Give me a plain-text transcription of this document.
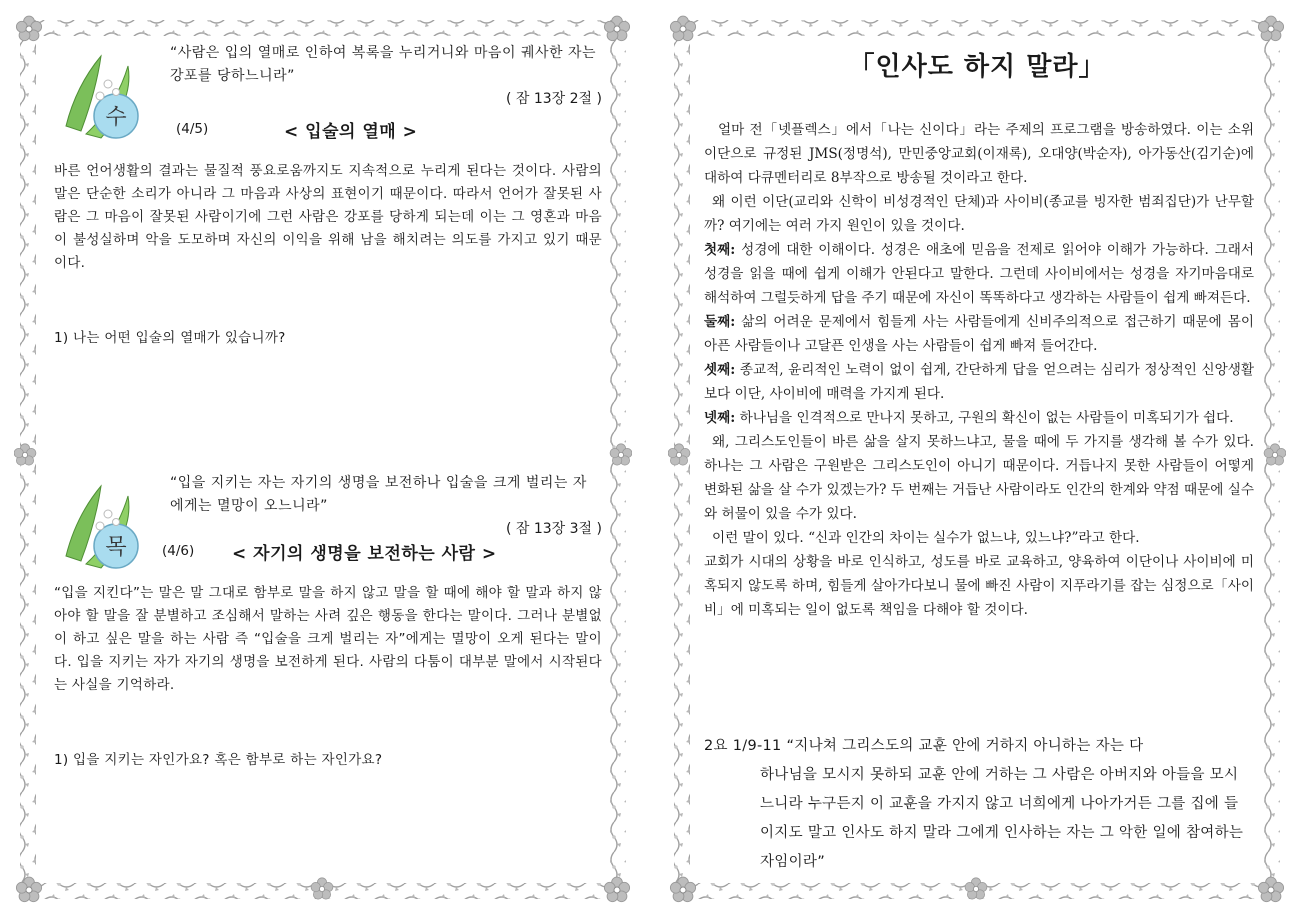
수
“사람은 입의 열매로 인하여 복록을 누리거니와 마음이 궤사한 자는 강포를 당하느니라”
( 잠 13장 2절 )
(4/5)	< 입술의 열매 >
바른 언어생활의 결과는 물질적 풍요로움까지도 지속적으로 누리게 된다는 것이다. 사람의 말은 단순한 소리가 아니라 그 마음과 사상의 표현이기 때문이다. 따라서 언어가 잘못된 사람은 그 마음이 잘못된 사람이기에 그런 사람은 강포를 당하게 되는데 이는 그 영혼과 마음이 불성실하며 악을 도모하며 자신의 이익을 위해 남을 해치려는 의도를 가지고 있기 때문이다.
1) 나는 어떤 입술의 열매가 있습니까?
목
“입을 지키는 자는 자기의 생명을 보전하나 입술을 크게 벌리는 자에게는 멸망이 오느니라”
( 잠 13장 3절 )
(4/6) < 자기의 생명을 보전하는 사람 >
“입을 지킨다”는 말은 말 그대로 함부로 말을 하지 않고 말을 할 때에 해야 할 말과 하지 않아야 할 말을 잘 분별하고 조심해서 말하는 사려 깊은 행동을 한다는 말이다. 그러나 분별없이 하고 싶은 말을 하는 사람 즉 “입술을 크게 벌리는 자”에게는 멸망이 오게 된다는 말이다. 입을 지키는 자가 자기의 생명을 보전하게 된다. 사람의 다툼이 대부분 말에서 시작된다는 사실을 기억하라.
1) 입을 지키는 자인가요? 혹은 함부로 하는 자인가요?
「인사도 하지 말라」

얼마 전「넷플렉스」에서「나는 신이다」라는 주제의 프로그램을 방송하였다. 이는 소위 이단으로 규정된 JMS(정명석), 만민중앙교회(이재록), 오대양(박순자), 아가동산(김기순)에 대하여 다큐멘터리로 8부작으로 방송될 것이라고 한다.

왜 이런 이단(교리와 신학이 비성경적인 단체)과 사이비(종교를 빙자한 범죄집단)가 난무할까? 여기에는 여러 가지 원인이 있을 것이다.

첫째: 성경에 대한 이해이다. 성경은 애초에 믿음을 전제로 읽어야 이해가 가능하다. 그래서 성경을 읽을 때에 쉽게 이해가 안된다고 말한다. 그런데 사이비에서는 성경을 자기마음대로 해석하여 그럴듯하게 답을 주기 때문에 자신이 똑똑하다고 생각하는 사람들이 쉽게 빠져든다.

둘째: 삶의 어려운 문제에서 힘들게 사는 사람들에게 신비주의적으로 접근하기 때문에 몸이 아픈 사람들이나 고달픈 인생을 사는 사람들이 쉽게 빠져 들어간다.

셋째: 종교적, 윤리적인 노력이 없이 쉽게, 간단하게 답을 얻으려는 심리가 정상적인 신앙생활보다 이단, 사이비에 매력을 가지게 된다.

넷째: 하나님을 인격적으로 만나지 못하고, 구원의 확신이 없는 사람들이 미혹되기가 쉽다.

왜, 그리스도인들이 바른 삶을 살지 못하느냐고, 물을 때에 두 가지를 생각해 볼 수가 있다. 하나는 그 사람은 구원받은 그리스도인이 아니기 때문이다. 거듭나지 못한 사람들이 어떻게 변화된 삶을 살 수가 있겠는가? 두 번째는 거듭난 사람이라도 인간의 한계와 약점 때문에 실수와 허물이 있을 수가 있다.

이런 말이 있다. “신과 인간의 차이는 실수가 없느냐, 있느냐?”라고 한다.

교회가 시대의 상황을 바로 인식하고, 성도를 바로 교육하고, 양육하여 이단이나 사이비에 미혹되지 않도록 하며, 힘들게 살아가다보니 물에 빠진 사람이 지푸라기를 잡는 심정으로「사이비」에 미혹되는 일이 없도록 책임을 다해야 할 것이다.

2요 1/9-11 “지나쳐 그리스도의 교훈 안에 거하지 아니하는 자는 다
하나님을 모시지 못하되 교훈 안에 거하는 그 사람은 아버지와 아들을 모시느니라 누구든지 이 교훈을 가지지 않고 너희에게 나아가거든 그를 집에 들이지도 말고 인사도 하지 말라 그에게 인사하는 자는 그 악한 일에 참여하는 자임이라”
